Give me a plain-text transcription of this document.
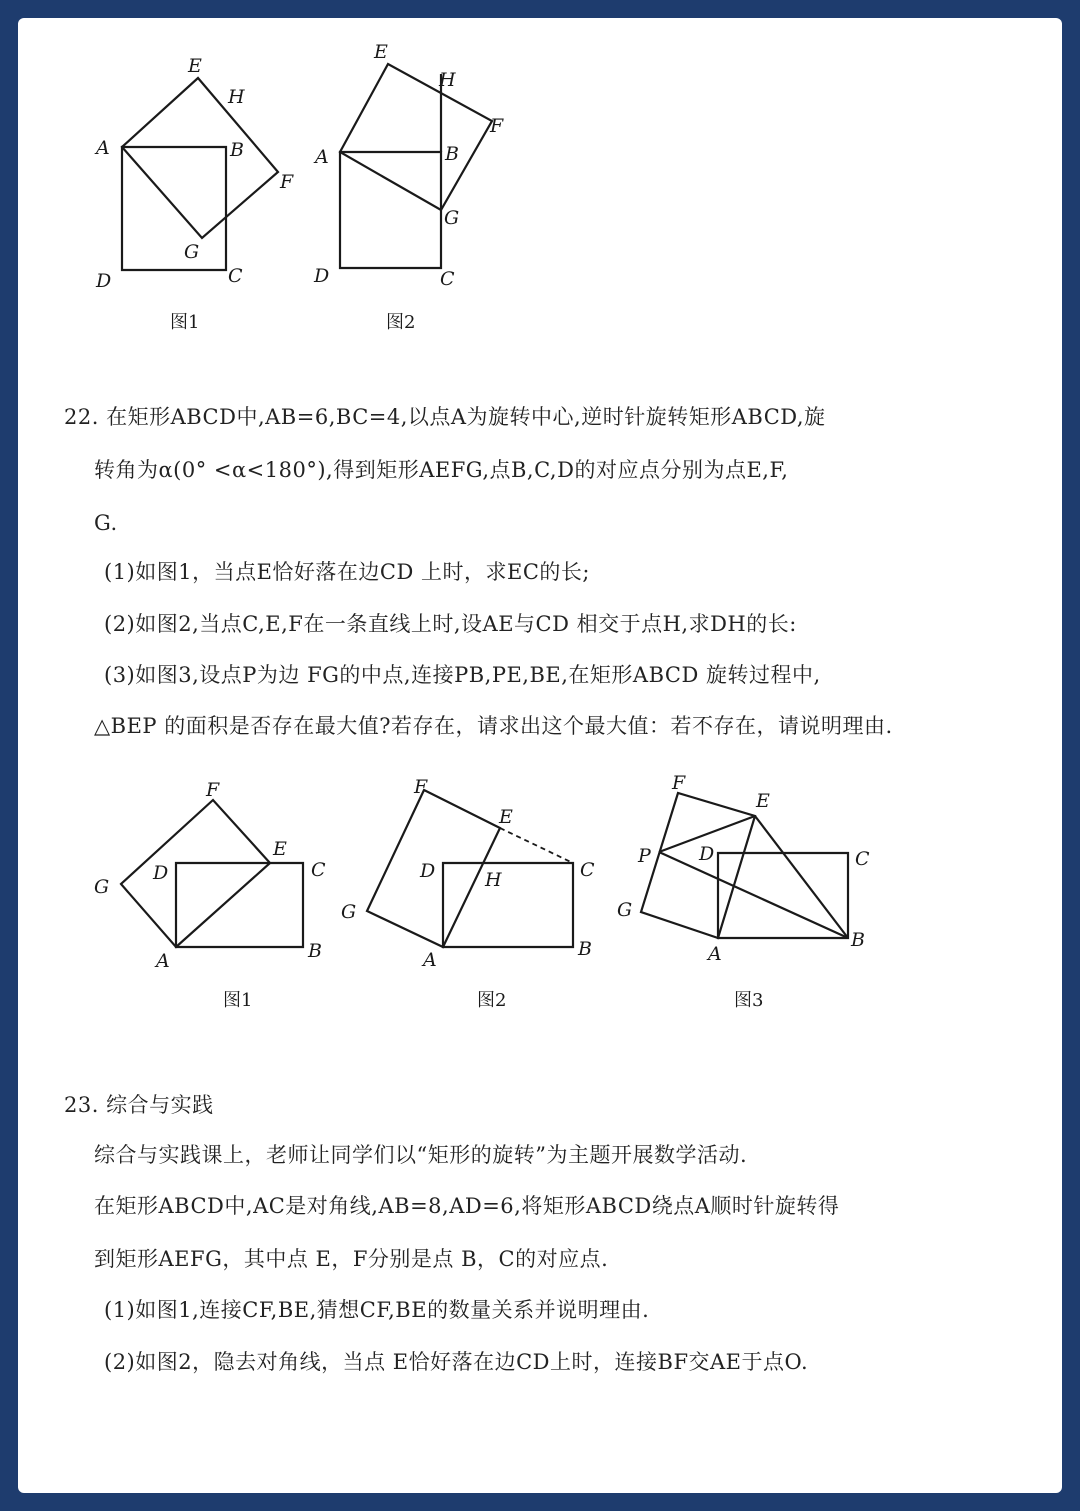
E
H
A	B
F
G
D	C
图1
E
H
F
A	B
G
D	C
图2

22. 在矩形ABCD中,AB=6,BC=4,以点A为旋转中心,逆时针旋转矩形ABCD,旋

转角为α(0° <α<180°),得到矩形AEFG,点B,C,D的对应点分别为点E,F,

G.

(1)如图1，当点E恰好落在边CD 上时，求EC的长;

(2)如图2,当点C,E,F在一条直线上时,设AE与CD 相交于点H,求DH的长:

(3)如图3,设点P为边 FG的中点,连接PB,PE,BE,在矩形ABCD 旋转过程中,

△BEP 的面积是否存在最大值?若存在，请求出这个最大值：若不存在，请说明理由.

F
E
C
G
D
A	B
图1
F
E
D	H	C
G
A	B
图2
F
E
P	D	C
G
A
B
图3

23. 综合与实践

综合与实践课上，老师让同学们以“矩形的旋转”为主题开展数学活动.

在矩形ABCD中,AC是对角线,AB=8,AD=6,将矩形ABCD绕点A顺时针旋转得

到矩形AEFG，其中点 E，F分别是点 B，C的对应点.

(1)如图1,连接CF,BE,猜想CF,BE的数量关系并说明理由.

(2)如图2，隐去对角线，当点 E恰好落在边CD上时，连接BF交AE于点O.
